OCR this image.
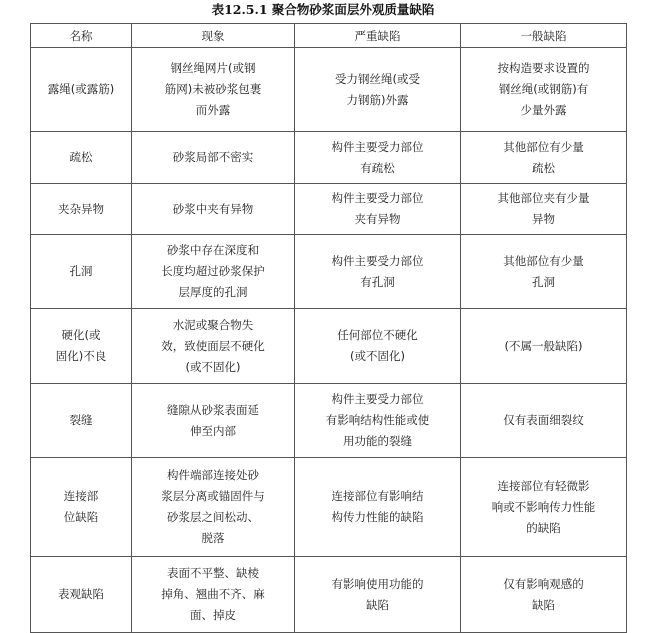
表12.5.1 聚合物砂浆面层外观质量缺陷
名称	现象	严重缺陷	一般缺陷
露绳(或露筋)	钢丝绳网片(或钢
筋网)未被砂浆包裹
而外露	受力钢丝绳(或受
力钢筋)外露	按构造要求设置的
钢丝绳(或钢筋)有
少量外露
疏松	砂浆局部不密实	构件主要受力部位
有疏松	其他部位有少量
疏松
夹杂异物	砂浆中夹有异物	构件主要受力部位
夹有异物	其他部位夹有少量
异物
孔洞	砂浆中存在深度和
长度均超过砂浆保护
层厚度的孔洞	构件主要受力部位
有孔洞	其他部位有少量
孔洞
硬化(或
固化)不良	水泥或聚合物失
效，致使面层不硬化
(或不固化)	任何部位不硬化
(或不固化)	(不属一般缺陷)
裂缝	缝隙从砂浆表面延
伸至内部	构件主要受力部位
有影响结构性能或使
用功能的裂缝	仅有表面细裂纹
连接部
位缺陷	构件端部连接处砂
浆层分离或锚固件与
砂浆层之间松动、
脱落	连接部位有影响结
构传力性能的缺陷	连接部位有轻微影
响或不影响传力性能
的缺陷
表观缺陷	表面不平整、缺棱
掉角、翘曲不齐、麻
面、掉皮	有影响使用功能的
缺陷	仅有影响观感的
缺陷
